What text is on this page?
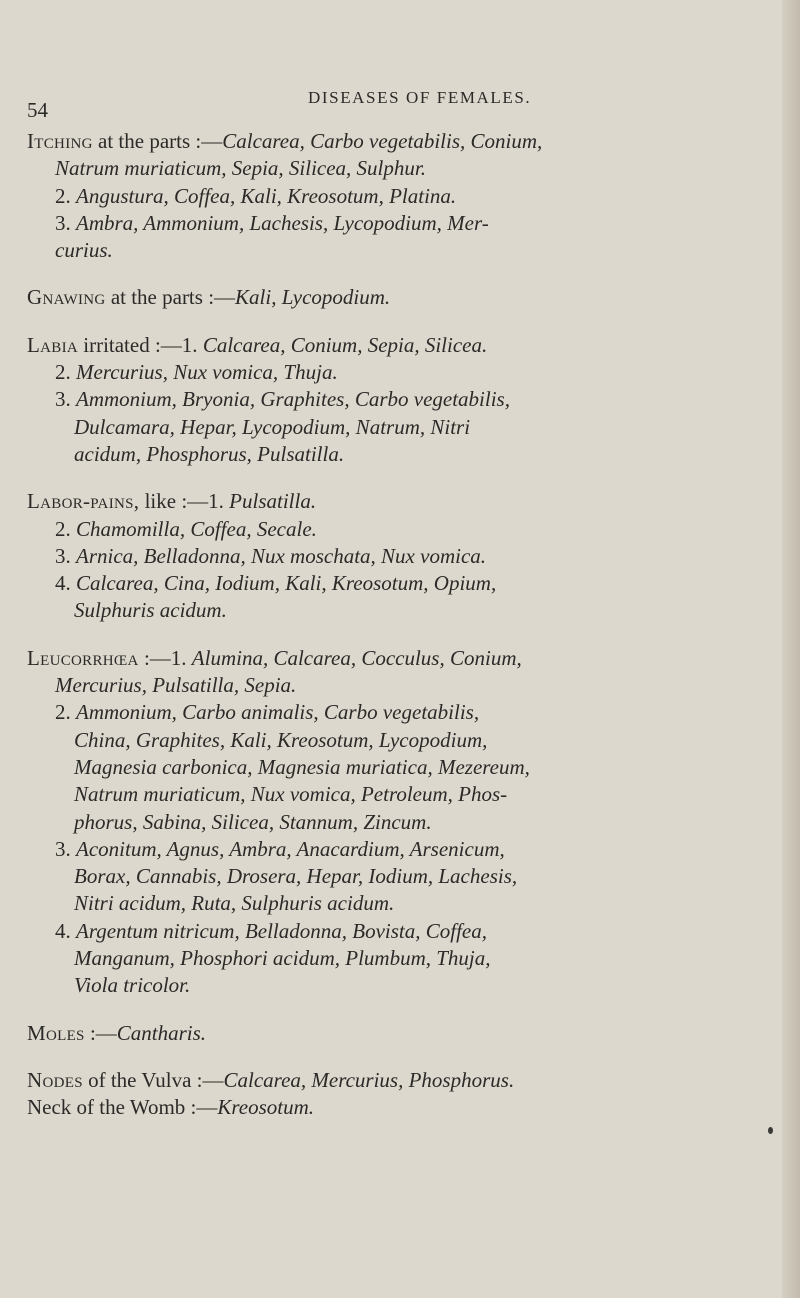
54
DISEASES OF FEMALES.
Itching at the parts :—Calcarea, Carbo vegetabilis, Conium,
Natrum muriaticum, Sepia, Silicea, Sulphur.
2. Angustura, Coffea, Kali, Kreosotum, Platina.
3. Ambra, Ammonium, Lachesis, Lycopodium, Mer-
curius.
Gnawing at the parts :—Kali, Lycopodium.
Labia irritated :—1. Calcarea, Conium, Sepia, Silicea.
2. Mercurius, Nux vomica, Thuja.
3. Ammonium, Bryonia, Graphites, Carbo vegetabilis,
Dulcamara, Hepar, Lycopodium, Natrum, Nitri
acidum, Phosphorus, Pulsatilla.
Labor-pains, like :—1. Pulsatilla.
2. Chamomilla, Coffea, Secale.
3. Arnica, Belladonna, Nux moschata, Nux vomica.
4. Calcarea, Cina, Iodium, Kali, Kreosotum, Opium,
Sulphuris acidum.
Leucorrhœa :—1. Alumina, Calcarea, Cocculus, Conium,
Mercurius, Pulsatilla, Sepia.
2. Ammonium, Carbo animalis, Carbo vegetabilis,
China, Graphites, Kali, Kreosotum, Lycopodium,
Magnesia carbonica, Magnesia muriatica, Mezereum,
Natrum muriaticum, Nux vomica, Petroleum, Phos-
phorus, Sabina, Silicea, Stannum, Zincum.
3. Aconitum, Agnus, Ambra, Anacardium, Arsenicum,
Borax, Cannabis, Drosera, Hepar, Iodium, Lachesis,
Nitri acidum, Ruta, Sulphuris acidum.
4. Argentum nitricum, Belladonna, Bovista, Coffea,
Manganum, Phosphori acidum, Plumbum, Thuja,
Viola tricolor.
Moles :—Cantharis.
Nodes of the Vulva :—Calcarea, Mercurius, Phosphorus.
Neck of the Womb :—Kreosotum.
